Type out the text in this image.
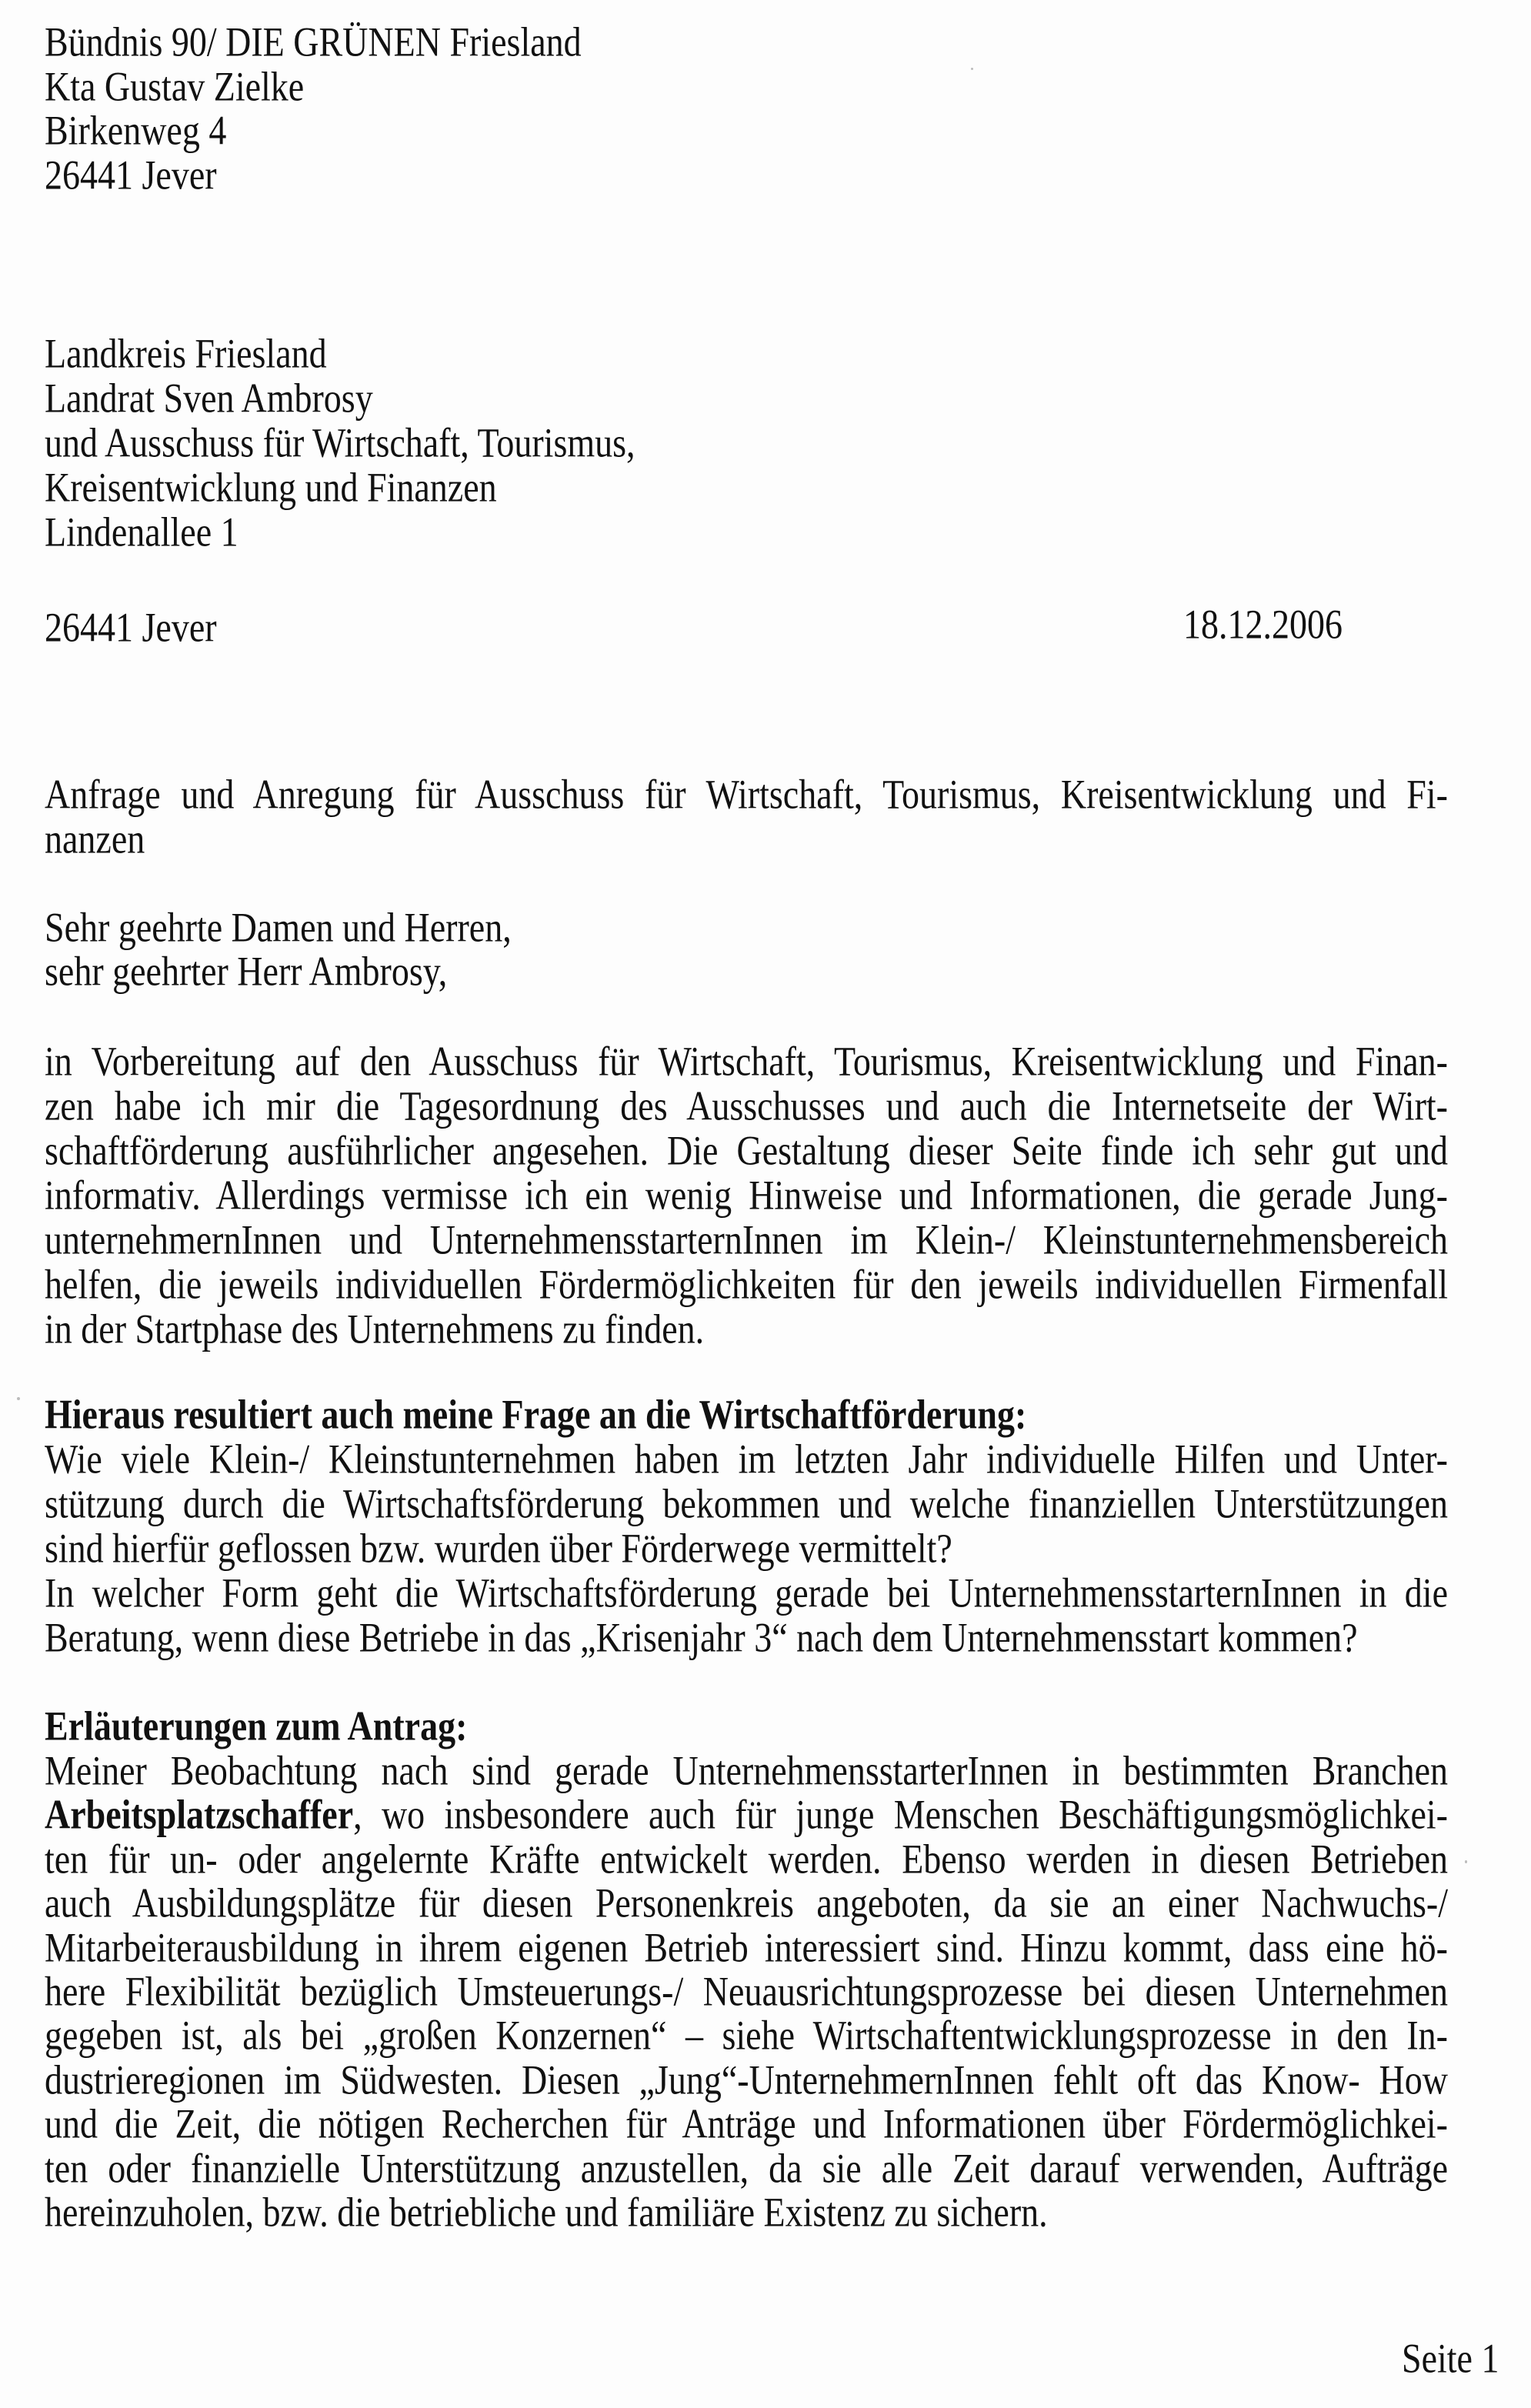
Bündnis 90/ DIE GRÜNEN Friesland
Kta Gustav Zielke
Birkenweg 4
26441 Jever
Landkreis Friesland
Landrat Sven Ambrosy
und Ausschuss für Wirtschaft, Tourismus,
Kreisentwicklung und Finanzen
Lindenallee 1
26441 Jever	18.12.2006
Anfrage und Anregung für Ausschuss für Wirtschaft, Tourismus, Kreisentwicklung und Fi-
nanzen
Sehr geehrte Damen und Herren,
sehr geehrter Herr Ambrosy,
in Vorbereitung auf den Ausschuss für Wirtschaft, Tourismus, Kreisentwicklung und Finan-
zen habe ich mir die Tagesordnung des Ausschusses und auch die Internetseite der Wirt-
schaftförderung ausführlicher angesehen. Die Gestaltung dieser Seite finde ich sehr gut und
informativ. Allerdings vermisse ich ein wenig Hinweise und Informationen, die gerade Jung-
unternehmernInnen und UnternehmensstarternInnen im Klein-/ Kleinstunternehmensbereich
helfen, die jeweils individuellen Fördermöglichkeiten für den jeweils individuellen Firmenfall
in der Startphase des Unternehmens zu finden.
Hieraus resultiert auch meine Frage an die Wirtschaftförderung:
Wie viele Klein-/ Kleinstunternehmen haben im letzten Jahr individuelle Hilfen und Unter-
stützung durch die Wirtschaftsförderung bekommen und welche finanziellen Unterstützungen
sind hierfür geflossen bzw. wurden über Förderwege vermittelt?
In welcher Form geht die Wirtschaftsförderung gerade bei UnternehmensstarternInnen in die
Beratung, wenn diese Betriebe in das „Krisenjahr 3“ nach dem Unternehmensstart kommen?
Erläuterungen zum Antrag:
Meiner Beobachtung nach sind gerade UnternehmensstarterInnen in bestimmten Branchen
Arbeitsplatzschaffer, wo insbesondere auch für junge Menschen Beschäftigungsmöglichkei-
ten für un- oder angelernte Kräfte entwickelt werden. Ebenso werden in diesen Betrieben
auch Ausbildungsplätze für diesen Personenkreis angeboten, da sie an einer Nachwuchs-/
Mitarbeiterausbildung in ihrem eigenen Betrieb interessiert sind. Hinzu kommt, dass eine hö-
here Flexibilität bezüglich Umsteuerungs-/ Neuausrichtungsprozesse bei diesen Unternehmen
gegeben ist, als bei „großen Konzernen“ – siehe Wirtschaftentwicklungsprozesse in den In-
dustrieregionen im Südwesten. Diesen „Jung“-UnternehmernInnen fehlt oft das Know- How
und die Zeit, die nötigen Recherchen für Anträge und Informationen über Fördermöglichkei-
ten oder finanzielle Unterstützung anzustellen, da sie alle Zeit darauf verwenden, Aufträge
hereinzuholen, bzw. die betriebliche und familiäre Existenz zu sichern.
Seite 1
